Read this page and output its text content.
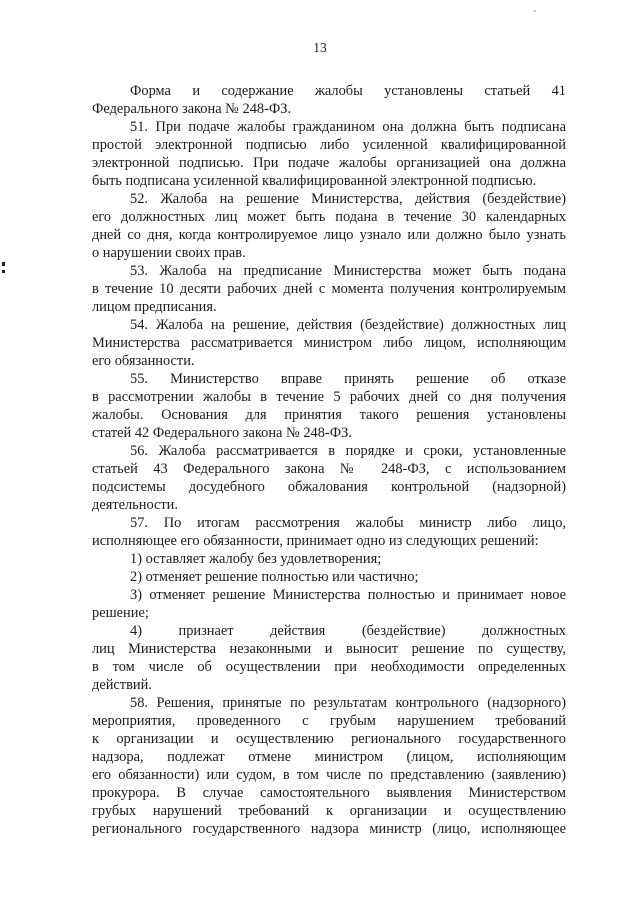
13
Форма и содержание жалобы установлены статьей 41
Федерального закона № 248-ФЗ.
51. При подаче жалобы гражданином она должна быть подписана
простой электронной подписью либо усиленной квалифицированной
электронной подписью. При подаче жалобы организацией она должна
быть подписана усиленной квалифицированной электронной подписью.
52. Жалоба на решение Министерства, действия (бездействие)
его должностных лиц может быть подана в течение 30 календарных
дней со дня, когда контролируемое лицо узнало или должно было узнать
о нарушении своих прав.
53. Жалоба на предписание Министерства может быть подана
в течение 10 десяти рабочих дней с момента получения контролируемым
лицом предписания.
54. Жалоба на решение, действия (бездействие) должностных лиц
Министерства рассматривается министром либо лицом, исполняющим
его обязанности.
55. Министерство вправе принять решение об отказе
в рассмотрении жалобы в течение 5 рабочих дней со дня получения
жалобы. Основания для принятия такого решения установлены
статей 42 Федерального закона № 248-ФЗ.
56. Жалоба рассматривается в порядке и сроки, установленные
статьей 43 Федерального закона № 248-ФЗ, с использованием
подсистемы досудебного обжалования контрольной (надзорной)
деятельности.
57. По итогам рассмотрения жалобы министр либо лицо,
исполняющее его обязанности, принимает одно из следующих решений:
1) оставляет жалобу без удовлетворения;
2) отменяет решение полностью или частично;
3) отменяет решение Министерства полностью и принимает новое
решение;
4) признает действия (бездействие) должностных
лиц Министерства незаконными и выносит решение по существу,
в том числе об осуществлении при необходимости определенных
действий.
58. Решения, принятые по результатам контрольного (надзорного)
мероприятия, проведенного с грубым нарушением требований
к организации и осуществлению регионального государственного
надзора, подлежат отмене министром (лицом, исполняющим
его обязанности) или судом, в том числе по представлению (заявлению)
прокурора. В случае самостоятельного выявления Министерством
грубых нарушений требований к организации и осуществлению
регионального государственного надзора министр (лицо, исполняющее
